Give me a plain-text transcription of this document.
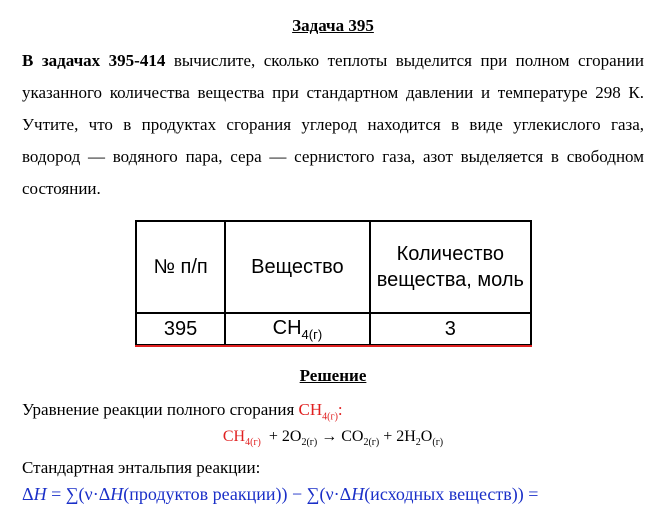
Задача 395
В задачах 395-414 вычислите, сколько теплоты выделится при полном сгорании указанного количества вещества при стандартном давлении и температуре 298 К. Учтите, что в продуктах сгорания углерод находится в виде углекислого газа, водород — водяного пара, сера — сернистого газа, азот выделяется в свободном состоянии.
№ п/п	Вещество	Количество вещества, моль
395	$CH_{4(г)}$	3
Решение
Уравнение реакции полного сгорания $CH_{4(г)}$:
$CH_{4(г)} + 2O_{2(г)} \to CO_{2(г)} + 2H_2O_{(г)}$
Стандартная энтальпия реакции:
ΔH = ∑(ν·ΔH(продуктов реакции)) − ∑(ν·ΔH(исходных веществ)) =
